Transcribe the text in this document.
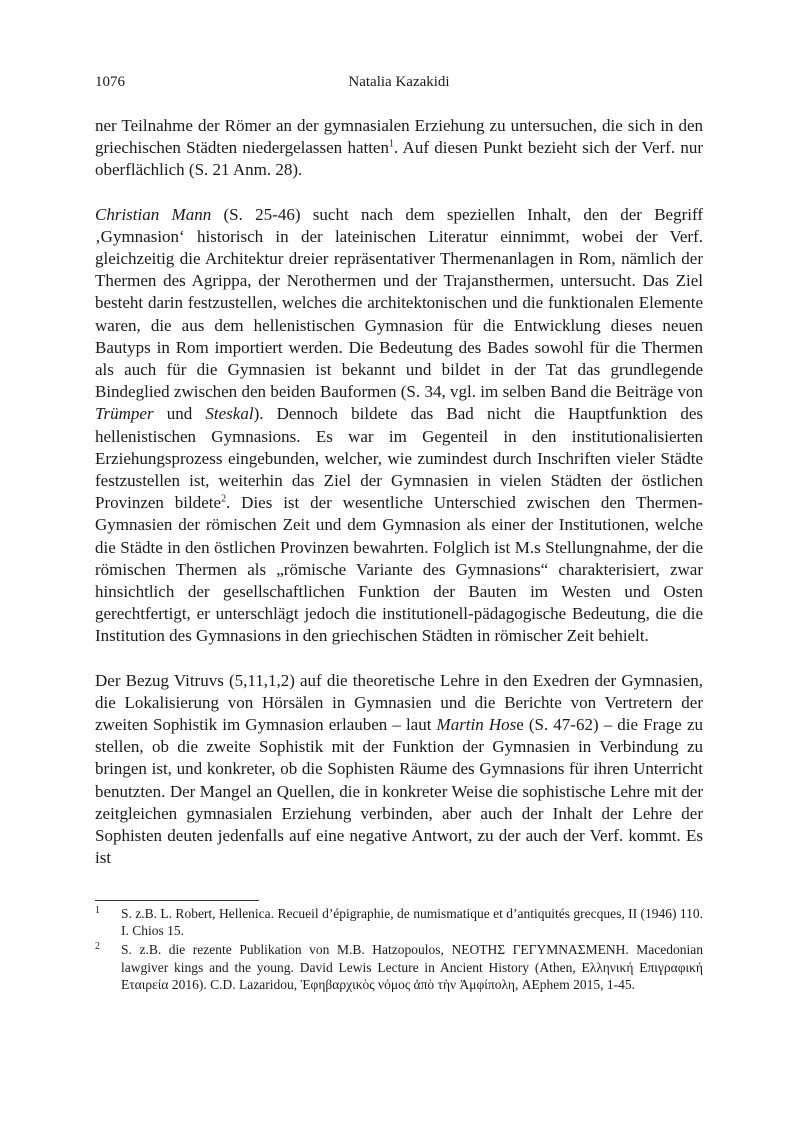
1076	Natalia Kazakidi

ner Teilnahme der Römer an der gymnasialen Erziehung zu untersuchen, die sich in den griechischen Städten niedergelassen hatten$^1$. Auf diesen Punkt bezieht sich der Verf. nur oberflächlich (S. 21 Anm. 28).

Christian Mann (S. 25-46) sucht nach dem speziellen Inhalt, den der Begriff ‚Gymnasion‘ historisch in der lateinischen Literatur einnimmt, wobei der Verf. gleichzeitig die Architektur dreier repräsentativer Thermenanlagen in Rom, nämlich der Thermen des Agrippa, der Nerothermen und der Trajansthermen, untersucht. Das Ziel besteht darin festzustellen, welches die architektonischen und die funktionalen Elemente waren, die aus dem hellenistischen Gymnasion für die Entwicklung dieses neuen Bautyps in Rom importiert werden. Die Bedeutung des Bades sowohl für die Thermen als auch für die Gymnasien ist bekannt und bildet in der Tat das grundlegende Bindeglied zwischen den beiden Bauformen (S. 34, vgl. im selben Band die Beiträge von Trümper und Steskal). Dennoch bildete das Bad nicht die Hauptfunktion des hellenistischen Gymnasions. Es war im Gegenteil in den institutionalisierten Erziehungsprozess eingebunden, welcher, wie zumindest durch Inschriften vieler Städte festzustellen ist, weiterhin das Ziel der Gymnasien in vielen Städten der östlichen Provinzen bildete$^2$. Dies ist der wesentliche Unterschied zwischen den Thermen-Gymnasien der römischen Zeit und dem Gymnasion als einer der Institutionen, welche die Städte in den östlichen Provinzen bewahrten. Folglich ist M.s Stellungnahme, der die römischen Thermen als „römische Variante des Gymnasions“ charakterisiert, zwar hinsichtlich der gesellschaftlichen Funktion der Bauten im Westen und Osten gerechtfertigt, er unterschlägt jedoch die institutionell-pädagogische Bedeutung, die die Institution des Gymnasions in den griechischen Städten in römischer Zeit behielt.

Der Bezug Vitruvs (5,11,1,2) auf die theoretische Lehre in den Exedren der Gymnasien, die Lokalisierung von Hörsälen in Gymnasien und die Berichte von Vertretern der zweiten Sophistik im Gymnasion erlauben – laut Martin Hose (S. 47-62) – die Frage zu stellen, ob die zweite Sophistik mit der Funktion der Gymnasien in Verbindung zu bringen ist, und konkreter, ob die Sophisten Räume des Gymnasions für ihren Unterricht benutzten. Der Mangel an Quellen, die in konkreter Weise die sophistische Lehre mit der zeitgleichen gymnasialen Erziehung verbinden, aber auch der Inhalt der Lehre der Sophisten deuten jedenfalls auf eine negative Antwort, zu der auch der Verf. kommt. Es ist

1	S. z.B. L. Robert, Hellenica. Recueil d’épigraphie, de numismatique et d’antiquités grecques, II (1946) 110. I. Chios 15.
2	S. z.B. die rezente Publikation von M.B. Hatzopoulos, ΝΕΟΤΗΣ ΓΕΓΥΜΝΑΣΜΕΝΗ. Macedonian lawgiver kings and the young. David Lewis Lecture in Ancient History (Athen, Ελληνική Επιγραφική Εταιρεία 2016). C.D. Lazaridou, Ἐφηβαρχικὸς νόμος ἀπὸ τὴν Ἀμφίπολη, AEphem 2015, 1-45.
